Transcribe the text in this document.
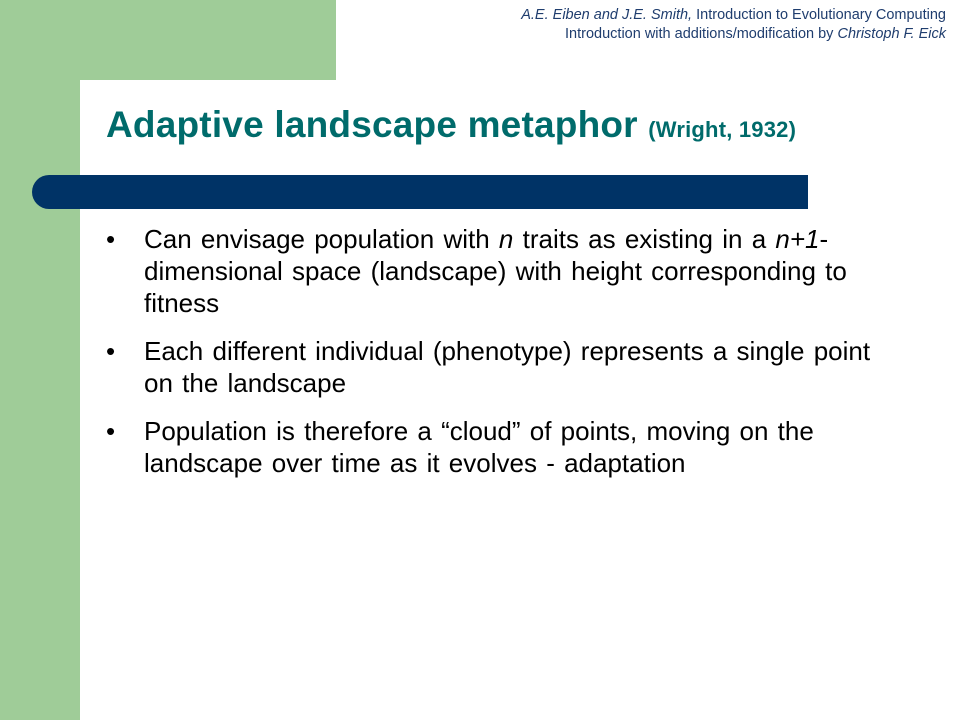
A.E. Eiben and J.E. Smith, Introduction to Evolutionary Computing
Introduction with additions/modification by Christoph F. Eick
Adaptive landscape metaphor (Wright, 1932)
• Can envisage population with n traits as existing in a n+1-dimensional space (landscape) with height corresponding to fitness
• Each different individual (phenotype) represents a single point on the landscape
• Population is therefore a “cloud” of points, moving on the landscape over time as it evolves - adaptation
